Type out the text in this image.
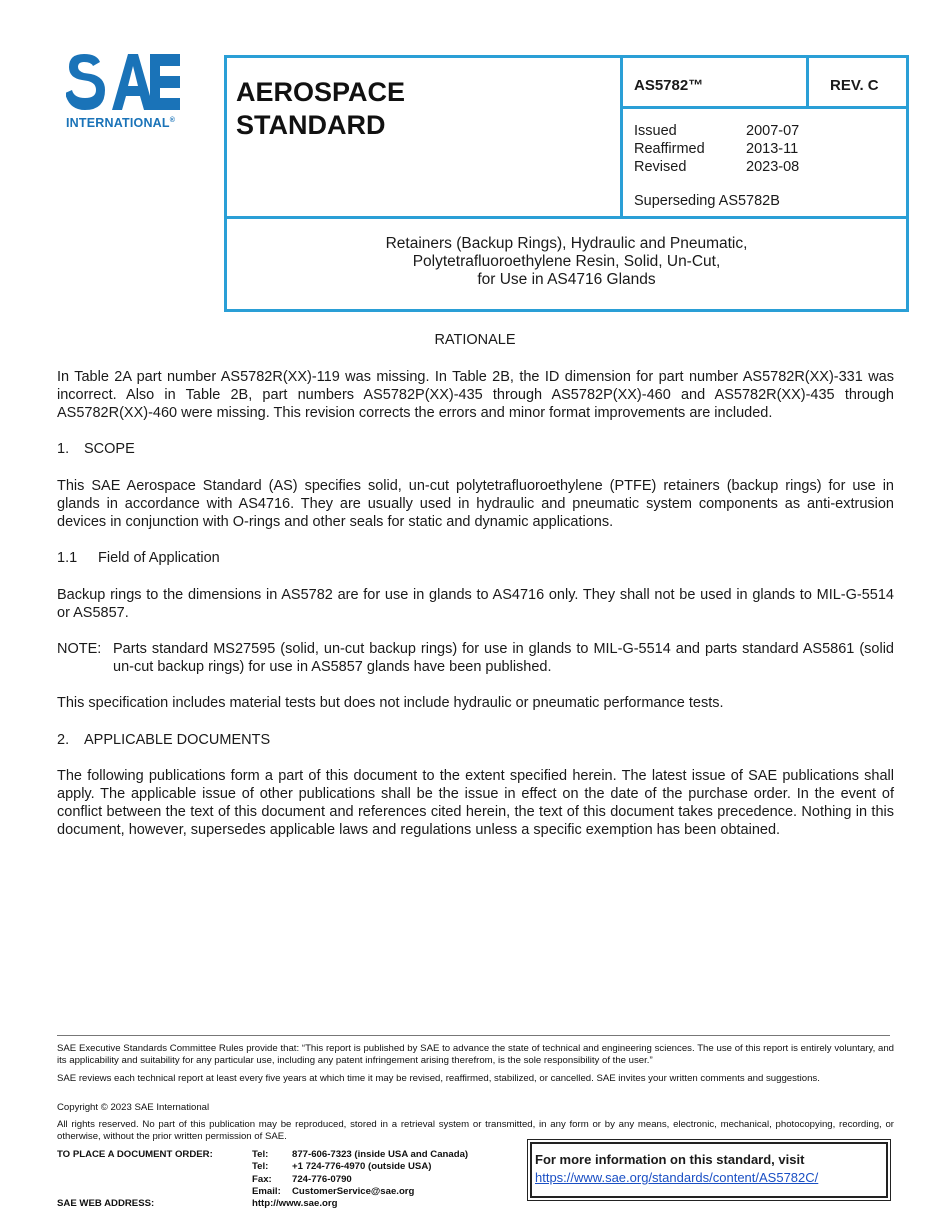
INTERNATIONAL®
AEROSPACE
STANDARD
AS5782™	REV. C
Issued	2007-07
Reaffirmed	2013-11
Revised	2023-08
Superseding AS5782B
Retainers (Backup Rings), Hydraulic and Pneumatic,
Polytetrafluoroethylene Resin, Solid, Un-Cut,
for Use in AS4716 Glands
RATIONALE
In Table 2A part number AS5782R(XX)-119 was missing. In Table 2B, the ID dimension for part number AS5782R(XX)-331 was incorrect. Also in Table 2B, part numbers AS5782P(XX)-435 through AS5782P(XX)-460 and AS5782R(XX)-435 through AS5782R(XX)-460 were missing. This revision corrects the errors and minor format improvements are included.
1. SCOPE
This SAE Aerospace Standard (AS) specifies solid, un-cut polytetrafluoroethylene (PTFE) retainers (backup rings) for use in glands in accordance with AS4716. They are usually used in hydraulic and pneumatic system components as anti-extrusion devices in conjunction with O-rings and other seals for static and dynamic applications.
1.1 Field of Application
Backup rings to the dimensions in AS5782 are for use in glands to AS4716 only. They shall not be used in glands to MIL-G-5514 or AS5857.
NOTE: Parts standard MS27595 (solid, un-cut backup rings) for use in glands to MIL-G-5514 and parts standard AS5861 (solid un-cut backup rings) for use in AS5857 glands have been published.
This specification includes material tests but does not include hydraulic or pneumatic performance tests.
2. APPLICABLE DOCUMENTS
The following publications form a part of this document to the extent specified herein. The latest issue of SAE publications shall apply. The applicable issue of other publications shall be the issue in effect on the date of the purchase order. In the event of conflict between the text of this document and references cited herein, the text of this document takes precedence. Nothing in this document, however, supersedes applicable laws and regulations unless a specific exemption has been obtained.
SAE Executive Standards Committee Rules provide that: “This report is published by SAE to advance the state of technical and engineering sciences. The use of this report is entirely voluntary, and its applicability and suitability for any particular use, including any patent infringement arising therefrom, is the sole responsibility of the user.”
SAE reviews each technical report at least every five years at which time it may be revised, reaffirmed, stabilized, or cancelled. SAE invites your written comments and suggestions.
Copyright © 2023 SAE International
All rights reserved. No part of this publication may be reproduced, stored in a retrieval system or transmitted, in any form or by any means, electronic, mechanical, photocopying, recording, or otherwise, without the prior written permission of SAE.
TO PLACE A DOCUMENT ORDER:	Tel: 877-606-7323 (inside USA and Canada)
Tel: +1 724-776-4970 (outside USA)
Fax: 724-776-0790
Email: CustomerService@sae.org
SAE WEB ADDRESS:	http://www.sae.org
For more information on this standard, visit
https://www.sae.org/standards/content/AS5782C/
